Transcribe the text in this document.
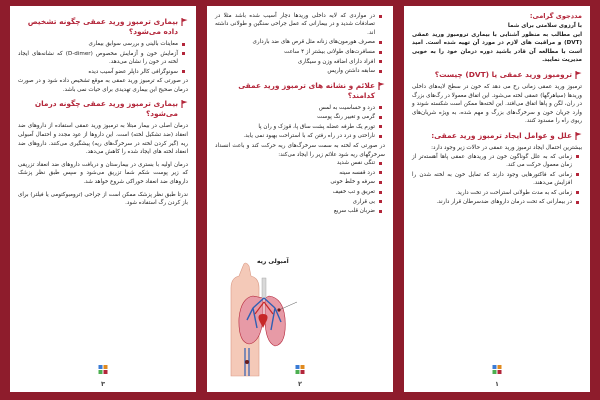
مددجوی گرامی:
با آرزوی سلامتی برای شما
این مطالب به منظور آشنایی با بیماری ترومبوز ورید عمقی (DVT) و مراقبت های لازم در مورد آن تهیه شده است. امید است با مطالعه آن قادر باشید دوره درمان خود را به خوبی مدیریت نمایید.
ترومبوز ورید عمقی یا (DVT) چیست؟
ترمبوز ورید عمقی زمانی رخ می دهد که خون در سطح لایه‌های داخلی وریدها (سیاهرگها) عمقی لخته می‌شود. این اتفاق معمولا در رگ‌های بزرگ در ران، لگن و پاها اتفاق می‌افتد. این لخته‌ها ممکن است شکسته شوند و وارد جریان خون و سرخرگ‌های بزرگ و مهم شده، به ویژه شریان‌های ریوی راه را مسدود کنند.
علل و عوامل ایجاد ترمبوز ورید عمقی:
بیشترین احتمال ایجاد ترمبوز ورید عمقی در حالات زیر وجود دارد:
زمانی که به علل گوناگون خون در وریدهای عمقی پاها آهسته‌تر از زمان معمول حرکت می کند.
زمانی که فاکتورهایی وجود دارند که تمایل خون به لخته شدن را افزایش می‌دهند.
زمانی که به مدت طولانی استراحت در تخت دارید.
در بیمارانی که تحت درمان داروهای ضدسرطان قرار دارند.
۱
در مواردی که لایه داخلی ورید‌ها دچار آسیب شده باشد مثلا در تصادفات شدید و در بیمارانی که عمل جراحی سنگین و طولانی داشته اند.
مصرف هورمون‌های زنانه مثل قرص های ضد بارداری
مسافرت‌های طولانی بیشتر از ۴ ساعت
افراد دارای اضافه وزن و سیگاری
سابقه داشتن واریس
علائم و نشانه های ترمبوز ورید عمقی کدامند؟
درد و حساسیت به لمس
گرمی و تغییر رنگ پوست
تورم یک طرفه عضله پشت ساق پا، قوزک و ران پا
ناراحتی و درد در راه رفتن که با استراحت بهبود نمی یابد.
در صورتی که لخته به سمت سرخرگ‌های ریه حرکت کند و باعث انسداد سرخرگهای ریه شود علائم زیر را ایجاد می‌کند:
تنگی نفس شدید
درد قفسه سینه
سرفه و خلط خونی
تعریق و تب خفیف
بی قراری
ضربان قلب سریع
آمبولی ریه
۲
بیماری ترمبوز ورید عمقی چگونه تشخیص داده می‌شود؟
معاینات بالینی و بررسی سوابق بیماری
آزمایش خون و آزمایش مخصوص (D-dimer) که نشانه‌های ایجاد لخته در خون را نشان می‌دهد.
سونوگرافی کالر داپلر عضو آسیب دیده
در صورتی که ترمبوز ورید عمقی به موقع تشخیص داده شود و در صورت درمان صحیح این بیماری تهدیدی برای حیات نمی باشد.
بیماری ترمبوز ورید عمقی چگونه درمان می‌شود؟
درمان اصلی در بیمار مبتلا به ترمبوز ورید عمقی استفاده از داروهای ضد انعقاد (ضد تشکیل لخته) است. این داروها از عود مجدد و احتمال آمبولی ریه (گیر کردن لخته در سرخرگ‌های ریه) پیشگیری می‌کنند. داروهای ضد انعقاد لخته های ایجاد شده را کاهش می‌دهد.
درمان اولیه با بستری در بیمارستان و دریافت داروهای ضد انعقاد تزریقی که زیر پوست شکم شما تزریق می‌شود و سپس طبق نظر پزشک داروهای ضد انعقاد خوراکی شروع خواهد شد.
ندرتا طبق نظر پزشک ممکن است از جراحی (ترومبوکتومی یا فیلتر) برای باز کردن رگ استفاده شود.
۳
